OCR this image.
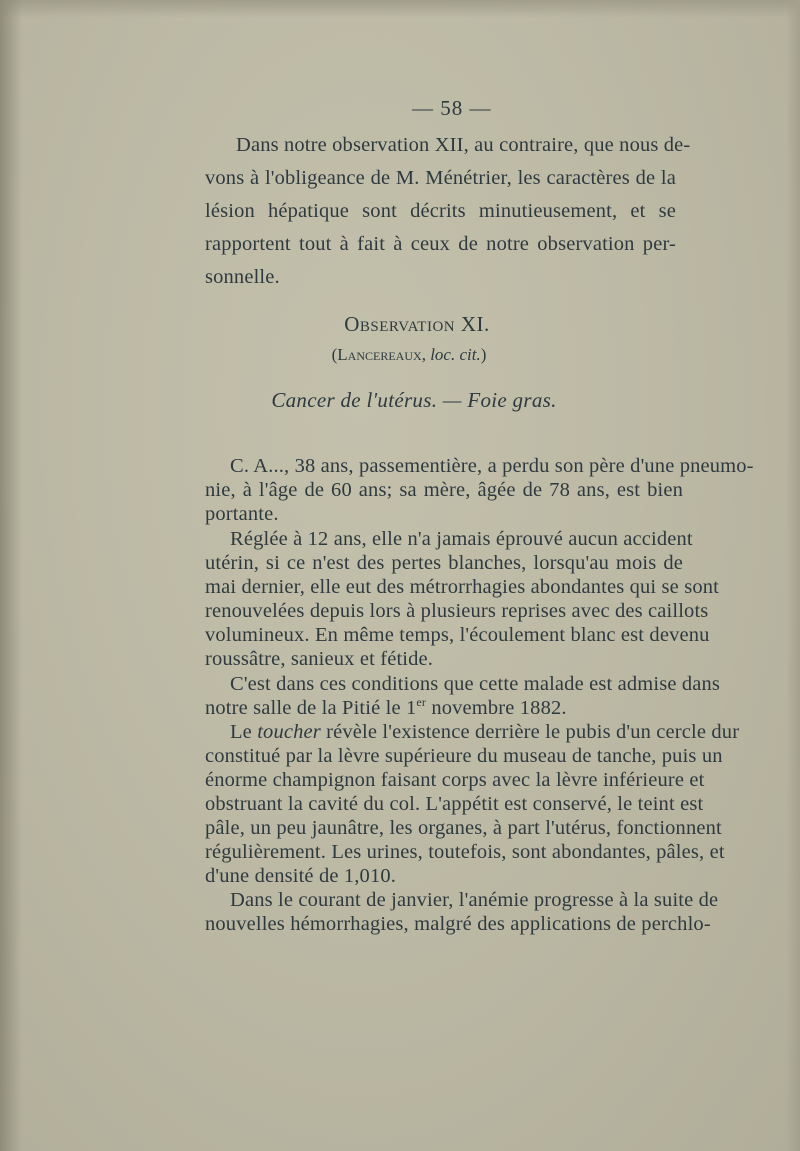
— 58 —
Dans notre observation XII, au contraire, que nous de-
vons à l'obligeance de M. Ménétrier, les caractères de la
lésion hépatique sont décrits minutieusement, et se
rapportent tout à fait à ceux de notre observation per-
sonnelle.
Observation XI.
(Lancereaux, loc. cit.)
Cancer de l'utérus. — Foie gras.
C. A..., 38 ans, passementière, a perdu son père d'une pneumo-
nie, à l'âge de 60 ans; sa mère, âgée de 78 ans, est bien
portante.
Réglée à 12 ans, elle n'a jamais éprouvé aucun accident
utérin, si ce n'est des pertes blanches, lorsqu'au mois de
mai dernier, elle eut des métrorrhagies abondantes qui se sont
renouvelées depuis lors à plusieurs reprises avec des caillots
volumineux. En même temps, l'écoulement blanc est devenu
roussâtre, sanieux et fétide.
C'est dans ces conditions que cette malade est admise dans
notre salle de la Pitié le 1er novembre 1882.
Le toucher révèle l'existence derrière le pubis d'un cercle dur
constitué par la lèvre supérieure du museau de tanche, puis un
énorme champignon faisant corps avec la lèvre inférieure et
obstruant la cavité du col. L'appétit est conservé, le teint est
pâle, un peu jaunâtre, les organes, à part l'utérus, fonctionnent
régulièrement. Les urines, toutefois, sont abondantes, pâles, et
d'une densité de 1,010.
Dans le courant de janvier, l'anémie progresse à la suite de
nouvelles hémorrhagies, malgré des applications de perchlo-
